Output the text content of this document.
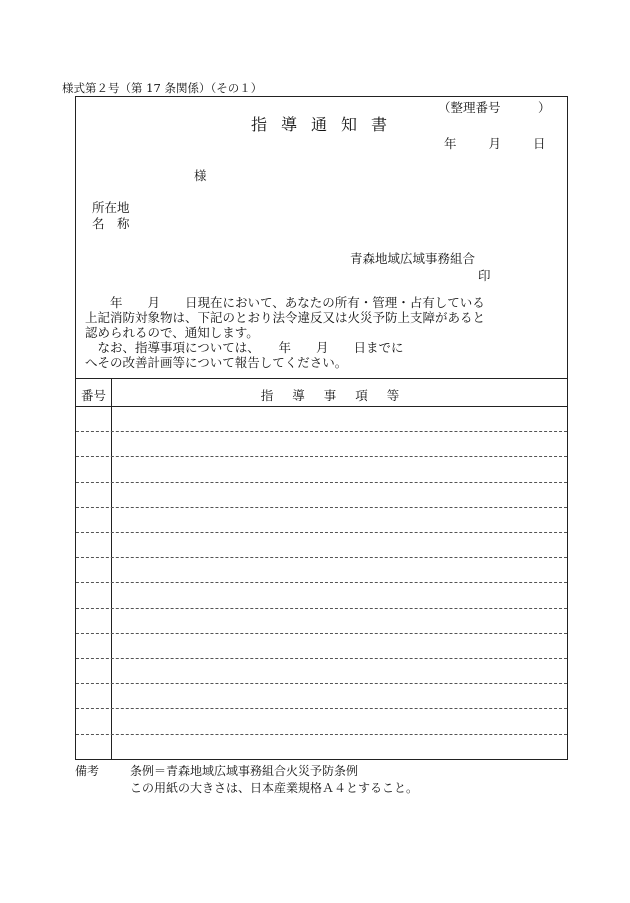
様式第２号（第 17 条関係）（その１）
（整理番号　　　）
指導通知書
年	月	日
様
所在地
名　称
青森地域広域事務組合
印
　　年　　月　　日現在において、あなたの所有・管理・占有している
上記消防対象物は、下記のとおり法令違反又は火災予防上支障があると
認められるので、通知します。
　なお、指導事項については、　　年　　月　　日までに
へその改善計画等について報告してください。
番号	指導事項等
備考	条例＝青森地域広域事務組合火災予防条例
この用紙の大きさは、日本産業規格Ａ４とすること。
